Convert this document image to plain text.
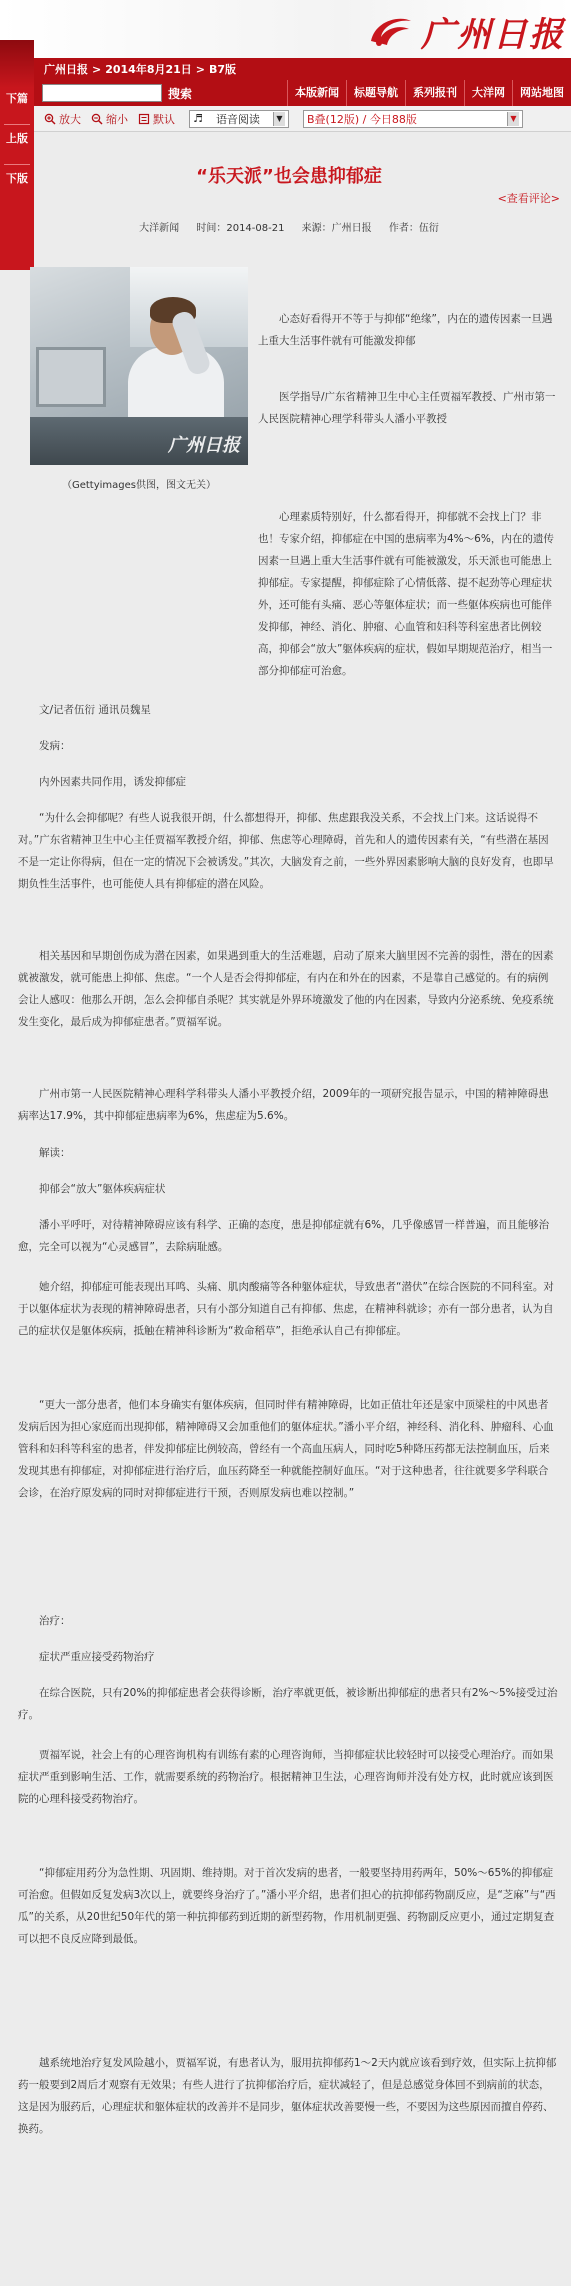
广州日报
广州日报 > 2014年8月21日 > B7版
搜索	本版新闻	标题导航	系列报刊	大洋网	网站地图
放大 缩小 默认 ♬ 语音阅读	▼ B叠(12版) / 今日88版	▼
下篇
上版
下版	“乐天派”也会患抑郁症
<查看评论>
大洋新闻 时间：2014-08-21 来源：广州日报 作者：伍衍
广州日报
（Gettyimages供图，图文无关）

心态好看得开不等于与抑郁“绝缘”，内在的遗传因素一旦遇上重大生活事件就有可能激发抑郁

医学指导/广东省精神卫生中心主任贾福军教授、广州市第一人民医院精神心理学科带头人潘小平教授

心理素质特别好，什么都看得开，抑郁就不会找上门？非也！专家介绍，抑郁症在中国的患病率为4%～6%，内在的遗传因素一旦遇上重大生活事件就有可能被激发，乐天派也可能患上抑郁症。专家提醒，抑郁症除了心情低落、提不起劲等心理症状外，还可能有头痛、恶心等躯体症状；而一些躯体疾病也可能伴发抑郁，神经、消化、肿瘤、心血管和妇科等科室患者比例较高，抑郁会“放大”躯体疾病的症状，假如早期规范治疗，相当一部分抑郁症可治愈。

文/记者伍衍 通讯员魏星

发病：

内外因素共同作用，诱发抑郁症

“为什么会抑郁呢？有些人说我很开朗，什么都想得开，抑郁、焦虑跟我没关系，不会找上门来。这话说得不对。”广东省精神卫生中心主任贾福军教授介绍，抑郁、焦虑等心理障碍，首先和人的遗传因素有关，“有些潜在基因不是一定让你得病，但在一定的情况下会被诱发。”其次，大脑发育之前，一些外界因素影响大脑的良好发育，也即早期负性生活事件，也可能使人具有抑郁症的潜在风险。

相关基因和早期创伤成为潜在因素，如果遇到重大的生活难题，启动了原来大脑里因不完善的弱性，潜在的因素就被激发，就可能患上抑郁、焦虑。“一个人是否会得抑郁症，有内在和外在的因素，不是靠自己感觉的。有的病例会让人感叹：他那么开朗，怎么会抑郁自杀呢？其实就是外界环境激发了他的内在因素，导致内分泌系统、免疫系统发生变化，最后成为抑郁症患者。”贾福军说。

广州市第一人民医院精神心理科学科带头人潘小平教授介绍，2009年的一项研究报告显示，中国的精神障碍患病率达17.9%，其中抑郁症患病率为6%，焦虑症为5.6%。

解读：

抑郁会“放大”躯体疾病症状

潘小平呼吁，对待精神障碍应该有科学、正确的态度，患是抑郁症就有6%，几乎像感冒一样普遍，而且能够治愈，完全可以视为“心灵感冒”，去除病耻感。

她介绍，抑郁症可能表现出耳鸣、头痛、肌肉酸痛等各种躯体症状，导致患者“潜伏”在综合医院的不同科室。对于以躯体症状为表现的精神障碍患者，只有小部分知道自己有抑郁、焦虑，在精神科就诊；亦有一部分患者，认为自己的症状仅是躯体疾病，抵触在精神科诊断为“救命稻草”，拒绝承认自己有抑郁症。

“更大一部分患者，他们本身确实有躯体疾病，但同时伴有精神障碍，比如正值壮年还是家中顶梁柱的中风患者发病后因为担心家庭而出现抑郁，精神障碍又会加重他们的躯体症状。”潘小平介绍，神经科、消化科、肿瘤科、心血管科和妇科等科室的患者，伴发抑郁症比例较高，曾经有一个高血压病人，同时吃5种降压药都无法控制血压，后来发现其患有抑郁症，对抑郁症进行治疗后，血压药降至一种就能控制好血压。“对于这种患者，往往就要多学科联合会诊，在治疗原发病的同时对抑郁症进行干预，否则原发病也难以控制。”

治疗：

症状严重应接受药物治疗

在综合医院，只有20%的抑郁症患者会获得诊断，治疗率就更低，被诊断出抑郁症的患者只有2%～5%接受过治疗。

贾福军说，社会上有的心理咨询机构有训练有素的心理咨询师，当抑郁症状比较轻时可以接受心理治疗。而如果症状严重到影响生活、工作，就需要系统的药物治疗。根据精神卫生法，心理咨询师并没有处方权，此时就应该到医院的心理科接受药物治疗。

“抑郁症用药分为急性期、巩固期、维持期。对于首次发病的患者，一般要坚持用药两年，50%～65%的抑郁症可治愈。但假如反复发病3次以上，就要终身治疗了。”潘小平介绍，患者们担心的抗抑郁药物副反应，是“芝麻”与“西瓜”的关系，从20世纪50年代的第一种抗抑郁药到近期的新型药物，作用机制更强、药物副反应更小，通过定期复查可以把不良反应降到最低。

越系统地治疗复发风险越小，贾福军说，有患者认为，服用抗抑郁药1～2天内就应该看到疗效，但实际上抗抑郁药一般要到2周后才观察有无效果；有些人进行了抗抑郁治疗后，症状减轻了，但是总感觉身体回不到病前的状态，这是因为服药后，心理症状和躯体症状的改善并不是同步，躯体症状改善要慢一些，不要因为这些原因而擅自停药、换药。
